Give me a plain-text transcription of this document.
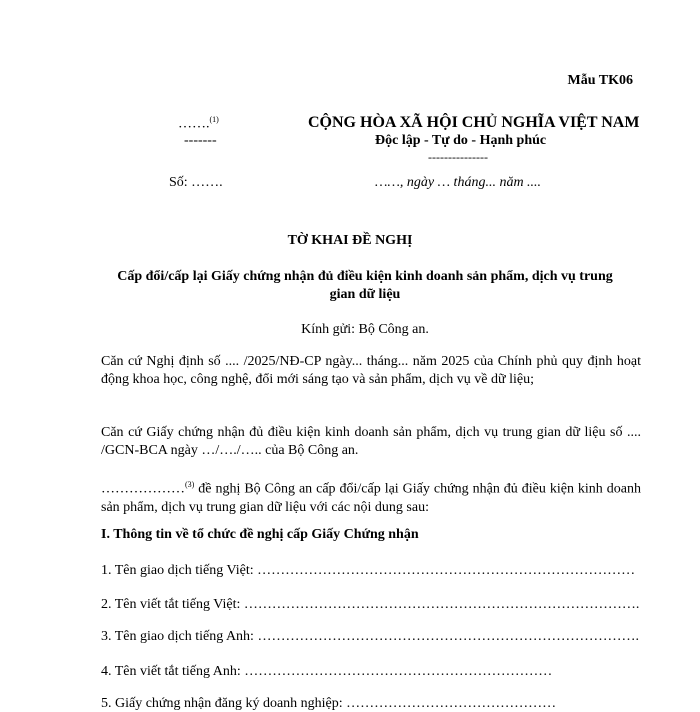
Mẫu TK06
…….$^{(1)}$
-------
CỘNG HÒA XÃ HỘI CHỦ NGHĨA VIỆT NAM
Độc lập - Tự do - Hạnh phúc
---------------
Số: …….	……, ngày … tháng... năm ....
TỜ KHAI ĐỀ NGHỊ
Cấp đổi/cấp lại Giấy chứng nhận đủ điều kiện kinh doanh sản phẩm, dịch vụ trung gian dữ liệu
Kính gửi: Bộ Công an.
Căn cứ Nghị định số .... /2025/NĐ-CP ngày... tháng... năm 2025 của Chính phủ quy định hoạt động khoa học, công nghệ, đổi mới sáng tạo và sản phẩm, dịch vụ về dữ liệu;
Căn cứ Giấy chứng nhận đủ điều kiện kinh doanh sản phẩm, dịch vụ trung gian dữ liệu số .... /GCN-BCA ngày …/…./….. của Bộ Công an.
………………$^{(3)}$ đề nghị Bộ Công an cấp đổi/cấp lại Giấy chứng nhận đủ điều kiện kinh doanh sản phẩm, dịch vụ trung gian dữ liệu với các nội dung sau:
I. Thông tin về tổ chức đề nghị cấp Giấy Chứng nhận
1. Tên giao dịch tiếng Việt: ………………………………………………………………………
2. Tên viết tắt tiếng Việt: ………………………………………………………………………….
3. Tên giao dịch tiếng Anh: ……………………………………………………………………….
4. Tên viết tắt tiếng Anh: …………………………………………………………
5. Giấy chứng nhận đăng ký doanh nghiệp: ………………………………………
